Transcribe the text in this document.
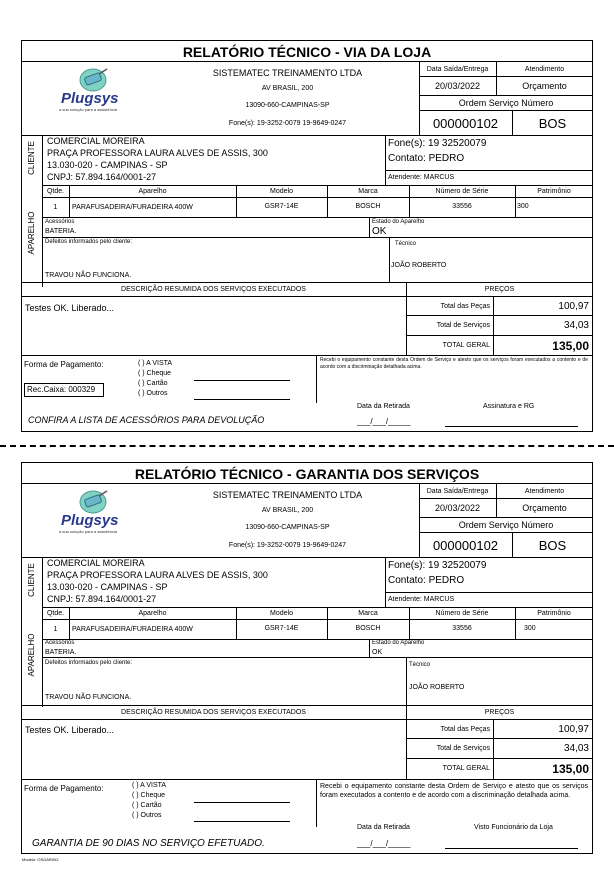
RELATÓRIO TÉCNICO - VIA DA LOJA
Plugsys
a sua solução para a assistência
SISTEMATEC TREINAMENTO LTDA
AV BRASIL, 200
13090-660-CAMPINAS-SP
Fone(s): 19-3252-0079 19-9649-0247
Data Saída/Entrega	Atendimento
20/03/2022	Orçamento
Ordem Serviço Número
000000102	BOS
CLIENTE
COMERCIAL MOREIRA
PRAÇA PROFESSORA LAURA ALVES DE ASSIS, 300
13.030-020 - CAMPINAS - SP
CNPJ: 57.894.164/0001-27
Fone(s): 19 32520079
Contato: PEDRO
Atendente: MARCUS
APARELHO
Qtde.	Aparelho	Modelo	Marca	Número de Série	Patrimônio
1	PARAFUSADEIRA/FURADEIRA 400W	GSR7-14E	BOSCH	33556	300
Acessórios
BATERIA.
Estado do Aparelho
OK
Defeitos informados pelo cliente:
TRAVOU NÃO FUNCIONA.
Técnico
JOÃO ROBERTO
DESCRIÇÃO RESUMIDA DOS SERVIÇOS EXECUTADOS	PREÇOS
Testes OK. Liberado...	Total das Peças	100,97
Total de Serviços	34,03
TOTAL GERAL	135,00
Forma de Pagamento:	( ) A VISTA
( ) Cheque
( ) Cartão
( ) Outros
Rec.Caixa: 000329
Recebi o equipamento constante desta Ordem de Serviço e atesto que os serviços foram executados a contento e de acordo com a discriminação detalhada acima.
CONFIRA A LISTA DE ACESSÓRIOS PARA DEVOLUÇÃO
Data da Retirada
___/___/_____
Assinatura e RG
RELATÓRIO TÉCNICO - GARANTIA DOS SERVIÇOS
Plugsys
a sua solução para a assistência
SISTEMATEC TREINAMENTO LTDA
AV BRASIL, 200
13090-660-CAMPINAS-SP
Fone(s): 19-3252-0079 19-9649-0247
Data Saída/Entrega	Atendimento
20/03/2022	Orçamento
Ordem Serviço Número
000000102	BOS
CLIENTE
COMERCIAL MOREIRA
PRAÇA PROFESSORA LAURA ALVES DE ASSIS, 300
13.030-020 - CAMPINAS - SP
CNPJ: 57.894.164/0001-27
Fone(s): 19 32520079
Contato: PEDRO
Atendente: MARCUS
APARELHO
Qtde.	Aparelho	Modelo	Marca	Número de Série	Patrimônio
1	PARAFUSADEIRA/FURADEIRA 400W	GSR7-14E	BOSCH	33556	300
Acessórios
BATERIA.
Estado do Aparelho
OK
Defeitos informados pelo cliente:
TRAVOU NÃO FUNCIONA.
Técnico
JOÃO ROBERTO
DESCRIÇÃO RESUMIDA DOS SERVIÇOS EXECUTADOS	PREÇOS
Testes OK. Liberado...	Total das Peças	100,97
Total de Serviços	34,03
TOTAL GERAL	135,00
Forma de Pagamento:	( ) A VISTA
( ) Cheque
( ) Cartão
( ) Outros
Recebi o equipamento constante desta Ordem de Serviço e atesto que os serviços foram executados a contento e de acordo com a discriminação detalhada acima.
GARANTIA DE 90 DIAS NO SERVIÇO EFETUADO.
Data da Retirada
___/___/_____
Visto Funcionário da Loja
Modelo: OSGAR002
